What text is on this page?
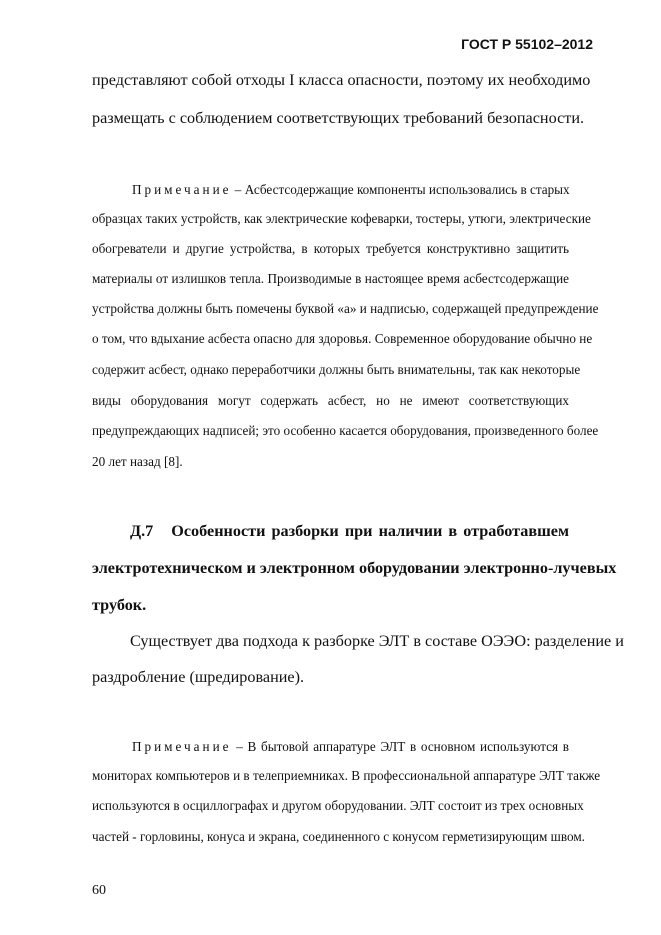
ГОСТ Р 55102–2012
представляют собой отходы I класса опасности, поэтому их необходимо
размещать с соблюдением соответствующих требований безопасности.
Примечание – Асбестсодержащие компоненты использовались в старых
образцах таких устройств, как электрические кофеварки, тостеры, утюги, электрические
обогреватели и другие устройства, в которых требуется конструктивно защитить
материалы от излишков тепла. Производимые в настоящее время асбестсодержащие
устройства должны быть помечены буквой «а» и надписью, содержащей предупреждение
о том, что вдыхание асбеста опасно для здоровья. Современное оборудование обычно не
содержит асбест, однако переработчики должны быть внимательны, так как некоторые
виды оборудования могут содержать асбест, но не имеют соответствующих
предупреждающих надписей; это особенно касается оборудования, произведенного более
20 лет назад [8].
Д.7 Особенности разборки при наличии в отработавшем
электротехническом и электронном оборудовании электронно-лучевых
трубок.
Существует два подхода к разборке ЭЛТ в составе ОЭЭО: разделение и
раздробление (шредирование).
Примечание – В бытовой аппаратуре ЭЛТ в основном используются в
мониторах компьютеров и в телеприемниках. В профессиональной аппаратуре ЭЛТ также
используются в осциллографах и другом оборудовании. ЭЛТ состоит из трех основных
частей - горловины, конуса и экрана, соединенного с конусом герметизирующим швом.
60
